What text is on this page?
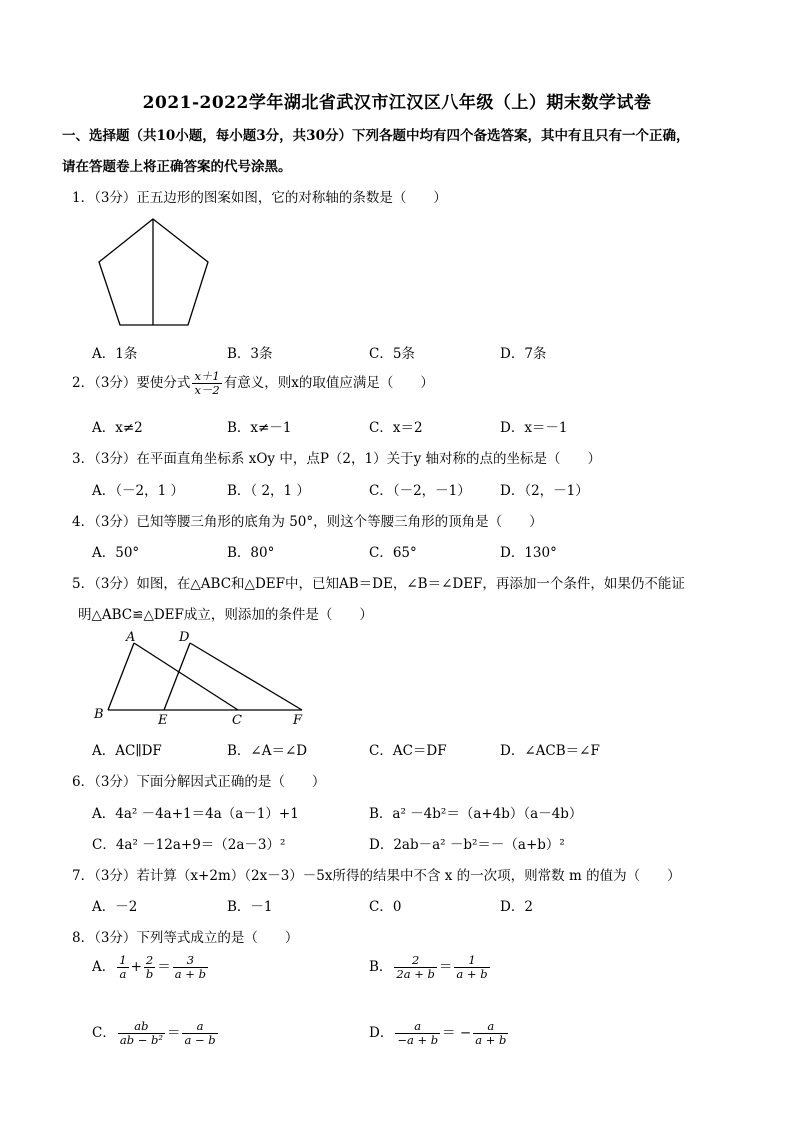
2021-2022学年湖北省武汉市江汉区八年级（上）期末数学试卷
一、选择题（共10小题，每小题3分，共30分）下列各题中均有四个备选答案，其中有且只有一个正确，
请在答题卷上将正确答案的代号涂黑。
1．（3分）正五边形的图案如图，它的对称轴的条数是（　　）
A．1条	B．3条	C．5条	D．7条
2．（3分）要使分式 $\frac{x+1}{x-2}$ 有意义，则x的取值应满足（　　）
A．x≠2	B．x≠－1	C．x＝2	D．x＝－1
3．（3分）在平面直角坐标系 xOy 中，点P（2，1）关于y 轴对称的点的坐标是（　　）
A．（－2，1 ）	B．（ 2，1 ）	C．（－2，－1） D．（2，－1）
4．（3分）已知等腰三角形的底角为 50°，则这个等腰三角形的顶角是（　　）
A．50°	B．80°	C．65°	D．130°
5．（3分）如图，在△ABC和△DEF中，已知AB＝DE，∠B＝∠DEF，再添加一个条件，如果仍不能证
明△ABC≌△DEF成立，则添加的条件是（　　）
A	D
B	E	C	F
A．AC∥DF	B．∠A＝∠D	C．AC＝DF	D．∠ACB＝∠F
6．（3分）下面分解因式正确的是（　　）
A．4a² －4a+1＝4a（a－1）+1	B．a² －4b²＝（a+4b）（a－4b）
C．4a² －12a+9＝（2a－3）²	D．2ab－a² －b²＝－（a+b）²
7．（3分）若计算（x+2m）（2x－3）－5x所得的结果中不含 x 的一次项，则常数 m 的值为（　　）
A．－2	B．－1	C．0	D．2
8．（3分）下列等式成立的是（　　）
A． $\frac{1}{a} + \frac{2}{b} = \frac{3}{a + b}$	B． $\frac{2}{2a + b} = \frac{1}{a + b}$
C． $\frac{ab}{\text{ab − b²}} = \frac{a}{a - b}$	D． $\frac{a}{-a + b}$ ＝ − $\frac{a}{a + b}$
